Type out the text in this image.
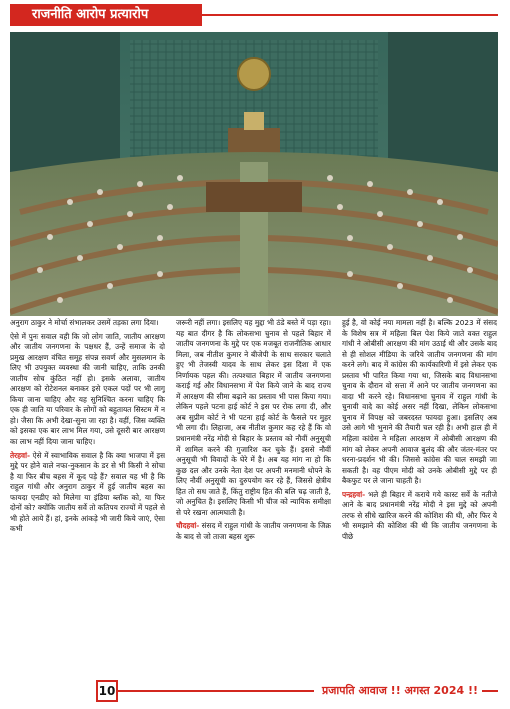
राजनीति आरोप प्रत्यारोप

अनुराग ठाकुर ने मोर्चा संभालकर उसमें तड़का लगा दिया।

ऐसे में पुनः सवाल वही कि जो लोग जाति, जातीय आरक्षण और जातीय जनगणना के पक्षधर हैं, उन्हें समाज के दो प्रमुख आरक्षण वंचित समूह संपन्न सवर्ण और मुसलमान के लिए भी उपयुक्त व्यवस्था की जानी चाहिए, ताकि उनकी जातीय सोच कुंठित नहीं हो। इसके अलावा, जातीय आरक्षण को रोटेशनल बनाकर इसे एकल पदों पर भी लागू किया जाना चाहिए और यह सुनिश्चित करना चाहिए कि एक ही जाति या परिवार के लोगों को बहुतायत सिस्टम में न हो। जैसा कि अभी देखा-सुना जा रहा है। वहीं, जिस व्यक्ति को इसका एक बार लाभ मिल गया, उसे दूसरी बार आरक्षण का लाभ नहीं दिया जाना चाहिए।

तेरहवां- ऐसे में स्वाभाविक सवाल है कि क्या भाजपा में इस मुद्दे पर होने वाले नफा-नुकसान के डर से भी किसी ने सोचा है या फिर बीच बहस में कूद पड़े हैं? सवाल यह भी है कि राहुल गांधी और अनुराग ठाकुर में हुई जातीय बहस का फायदा एनडीए को मिलेगा या इंडिया ब्लॉक को, या फिर दोनों को? क्योंकि जातीय सर्वे तो कतिपय राज्यों में पहले से भी होते आये हैं। हां, इनके आंकड़े भी जारी किये जाएं, ऐसा कभी

जरूरी नहीं लगा। इसलिए यह मुद्दा भी ठंडे बस्ते में पड़ा रहा। यह बात दीगर है कि लोकसभा चुनाव से पहले बिहार में जातीय जनगणना के मुद्दे पर एक मजबूत राजनीतिक आधार मिला, जब नीतीश कुमार ने बीजेपी के साथ सरकार चलाते हुए भी तेजस्वी यादव के साथ लेकर इस दिशा में एक निर्णायक पहल की। तत्पश्चात बिहार में जातीय जनगणना कराई गई और विधानसभा में पेश किये जाने के बाद राज्य में आरक्षण की सीमा बढ़ाने का प्रस्ताव भी पास किया गया। लेकिन पहले पटना हाई कोर्ट ने इस पर रोक लगा दी, और अब सुप्रीम कोर्ट ने भी पटना हाई कोर्ट के फैसले पर मुहर भी लगा दी। लिहाजा, अब नीतीश कुमार कह रहे हैं कि वो प्रधानमंत्री नरेंद्र मोदी से बिहार के प्रस्ताव को नौवीं अनुसूची में शामिल करने की गुजारिश कर चुके हैं। इससे नौवीं अनुसूची भी विवादों के घेरे में है। अब यह मांग ना हो कि कुछ दल और उनके नेता देश पर अपनी मनमानी थोपने के लिए नौवीं अनुसूची का दुरुपयोग कर रहे हैं, जिससे क्षेत्रीय हित तो सध जाते हैं, किंतु राष्ट्रीय हित की बलि चढ़ जाती है, जो अनुचित है। इसलिए किसी भी चीज को न्यायिक समीक्षा से परे रखना आत्मघाती है।

चौदहवां- संसद में राहुल गांधी के जातीय जनगणना के जिक्र के बाद से जो ताजा बहस शुरू

हुई है, वो कोई नया मामला नहीं है। बल्कि 2023 में संसद के विशेष सत्र में महिला बिल पेश किये जाते वक्त राहुल गांधी ने ओबीसी आरक्षण की मांग उठाई थी और उसके बाद से ही सोशल मीडिया के जरिये जातीय जनगणना की मांग करने लगे। बाद में कांग्रेस की कार्यकारिणी में इसे लेकर एक प्रस्ताव भी पारित किया गया था, जिसके बाद विधानसभा चुनाव के दौरान वो सत्ता में आने पर जातीय जनगणना का वादा भी करने रहे। विधानसभा चुनाव में राहुल गांधी के चुनावी वादे का कोई असर नहीं दिखा, लेकिन लोकसभा चुनाव में विपक्ष को जबरदस्त फायदा हुआ। इसलिए अब उसे आगे भी भुनाने की तैयारी चल रही है। अभी हाल ही में महिला कांग्रेस ने महिला आरक्षण में ओबीसी आरक्षण की मांग को लेकर अपनी आवाज बुलंद की और जंतर-मंतर पर धरना-प्रदर्शन भी की। जिससे कांग्रेस की चाल समझी जा सकती है। वह पीएम मोदी को उनके ओबीसी मुद्दे पर ही बैकफुट पर ले जाना चाहती है।

पन्द्रहवां- भले ही बिहार में कराये गये कास्ट सर्वे के नतीजे आने के बाद प्रधानमंत्री नरेंद्र मोदी ने इस मुद्दे को अपनी तरफ से सीधे खारिज करने की कोशिश की थी, और फिर ये भी समझाने की कोशिश की थी कि जातीय जनगणना के पीछे

10	प्रजापति आवाज !! अगस्त 2024 !!
